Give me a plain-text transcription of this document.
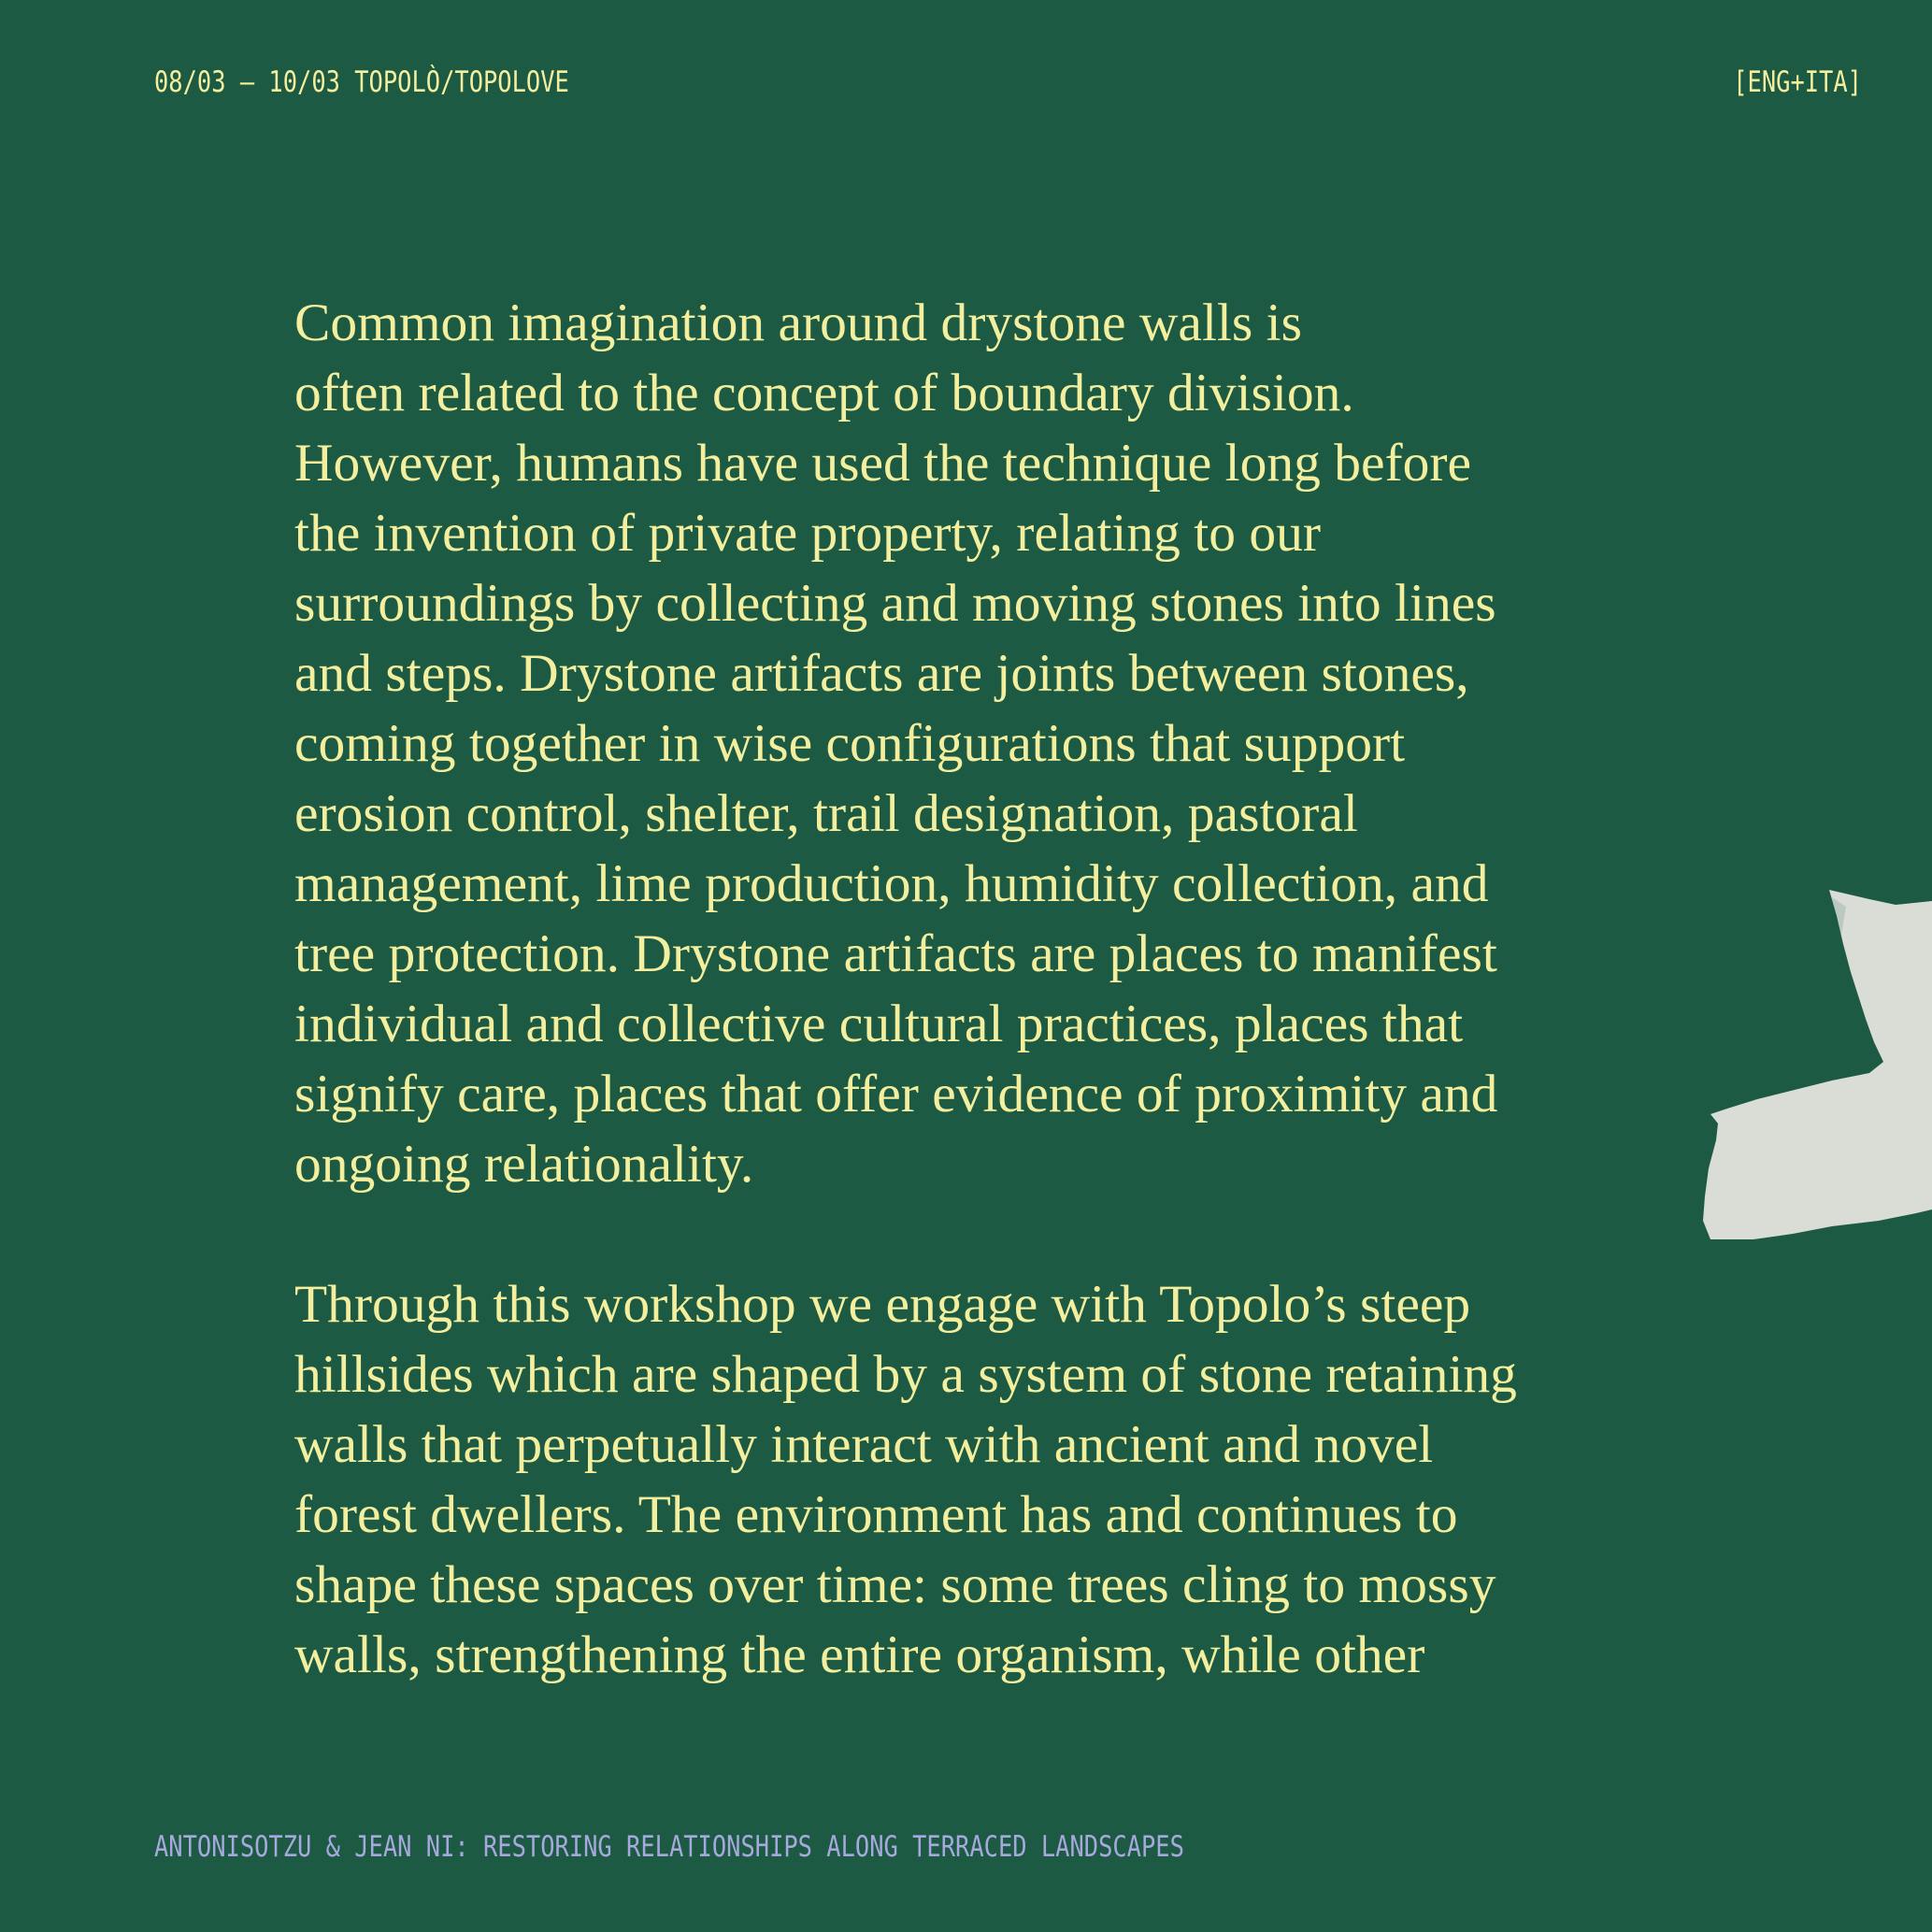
08/03 – 10/03 TOPOLÒ/TOPOLOVE	[ENG+ITA]
Common imagination around drystone walls is
often related to the concept of boundary division.
However, humans have used the technique long before
the invention of private property, relating to our
surroundings by collecting and moving stones into lines
and steps. Drystone artifacts are joints between stones,
coming together in wise configurations that support
erosion control, shelter, trail designation, pastoral
management, lime production, humidity collection, and
tree protection. Drystone artifacts are places to manifest
individual and collective cultural practices, places that
signify care, places that offer evidence of proximity and
ongoing relationality.
Through this workshop we engage with Topolo’s steep
hillsides which are shaped by a system of stone retaining
walls that perpetually interact with ancient and novel
forest dwellers. The environment has and continues to
shape these spaces over time: some trees cling to mossy
walls, strengthening the entire organism, while other
ANTONISOTZU & JEAN NI: RESTORING RELATIONSHIPS ALONG TERRACED LANDSCAPES
